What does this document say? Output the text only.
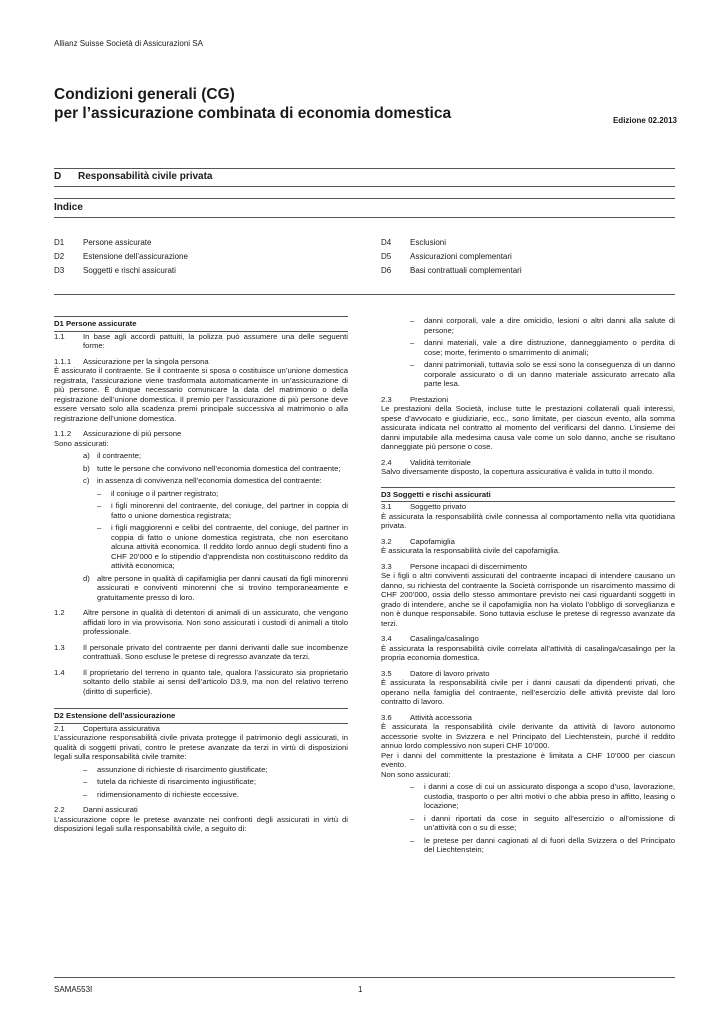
Allianz Suisse Società di Assicurazioni SA
Condizioni generali (CG)
per l’assicurazione combinata di economia domestica	Edizione 02.2013
D Responsabilità civile privata
Indice
D1	Persone assicurate
D2	Estensione dell’assicurazione
D3	Soggetti e rischi assicurati
D4	Esclusioni
D5	Assicurazioni complementari
D6	Basi contrattuali complementari

D1 Persone assicurate

1.1	In base agli accordi pattuiti, la polizza può assumere una delle seguenti forme:
1.1.1	Assicurazione per la singola persona

È assicurato il contraente. Se il contraente si sposa o costituisce un’unione domestica registrata, l’assicurazione viene trasformata automaticamente in un’assicurazione di più persone. È dunque necessario comunicare la data del matrimonio o della registrazione dell’unione domestica. Il premio per l’assicurazione di più persone deve essere versato solo alla scadenza premi principale successiva al matrimonio o alla registrazione dell’unione domestica.

1.1.2	Assicurazione di più persone

Sono assicurati:

a) il contraente;
b) tutte le persone che convivono nell’economia domestica del contraente;
c) in assenza di convivenza nell’economia domestica del contraente:
–	il coniuge o il partner registrato;
–	i figli minorenni del contraente, del coniuge, del partner in coppia di fatto o unione domestica registrata;
–	i figli maggiorenni e celibi del contraente, del coniuge, del partner in coppia di fatto o unione domestica registrata, che non esercitano alcuna attività economica. Il reddito lordo annuo degli studenti fino a CHF 20’000 e lo stipendio d’apprendista non costituiscono reddito da attività economica;
d) altre persone in qualità di capifamiglia per danni causati da figli minorenni assicurati e conviventi minorenni che si trovino temporaneamente e gratuitamente presso di loro.
1.2	Altre persone in qualità di detentori di animali di un assicurato, che vengono affidati loro in via provvisoria. Non sono assicurati i custodi di animali a titolo professionale.
1.3	Il personale privato del contraente per danni derivanti dalle sue incombenze contrattuali. Sono escluse le pretese di regresso avanzate da terzi.
1.4	Il proprietario del terreno in quanto tale, qualora l’assicurato sia proprietario soltanto dello stabile ai sensi dell’articolo D3.9, ma non del relativo terreno (diritto di superficie).

D2 Estensione dell’assicurazione

2.1	Copertura assicurativa

L’assicurazione responsabilità civile privata protegge il patrimonio degli assicurati, in qualità di soggetti privati, contro le pretese avanzate da terzi in virtù di disposizioni legali sulla responsabilità civile tramite:

–	assunzione di richieste di risarcimento giustificate;
–	tutela da richieste di risarcimento ingiustificate;
–	ridimensionamento di richieste eccessive.
2.2	Danni assicurati

L’assicurazione copre le pretese avanzate nei confronti degli assicurati in virtù di disposizioni legali sulla responsabilità civile, a seguito di:

–	danni corporali, vale a dire omicidio, lesioni o altri danni alla salute di persone;
–	danni materiali, vale a dire distruzione, danneggiamento o perdita di cose; morte, ferimento o smarrimento di animali;
–	danni patrimoniali, tuttavia solo se essi sono la conseguenza di un danno corporale assicurato o di un danno materiale assicurato arrecato alla parte lesa.
2.3	Prestazioni

Le prestazioni della Società, incluse tutte le prestazioni collaterali quali interessi, spese d’avvocato e giudiziarie, ecc., sono limitate, per ciascun evento, alla somma assicurata indicata nel contratto al momento del verificarsi del danno. L’insieme dei danni imputabile alla medesima causa vale come un solo danno, anche se risultano danneggiate più persone o cose.

2.4	Validità territoriale

Salvo diversamente disposto, la copertura assicurativa è valida in tutto il mondo.

D3 Soggetti e rischi assicurati

3.1	Soggetto privato

È assicurata la responsabilità civile connessa al comportamento nella vita quotidiana privata.

3.2	Capofamiglia

È assicurata la responsabilità civile del capofamiglia.

3.3	Persone incapaci di discernimento

Se i figli o altri conviventi assicurati del contraente incapaci di intendere causano un danno, su richiesta del contraente la Società corrisponde un risarcimento massimo di CHF 200’000, ossia dello stesso ammontare previsto nei casi riguardanti soggetti in grado di intendere, anche se il capofamiglia non ha violato l’obbligo di sorveglianza e non è dunque responsabile. Sono tuttavia escluse le pretese di regresso avanzate da terzi.

3.4	Casalinga/casalingo

È assicurata la responsabilità civile correlata all’attività di casalinga/casalingo per la propria economia domestica.

3.5	Datore di lavoro privato

È assicurata la responsabilità civile per i danni causati da dipendenti privati, che operano nella famiglia del contraente, nell’esercizio delle attività previste dal loro contratto di lavoro.

3.6	Attività accessoria

È assicurata la responsabilità civile derivante da attività di lavoro autonomo accessorie svolte in Svizzera e nel Principato del Liechtenstein, purché il reddito annuo lordo complessivo non superi CHF 10’000.

Per i danni del committente la prestazione è limitata a CHF 10’000 per ciascun evento.

Non sono assicurati:

–	i danni a cose di cui un assicurato disponga a scopo d’uso, lavorazione, custodia, trasporto o per altri motivi o che abbia preso in affitto, leasing o locazione;
–	i danni riportati da cose in seguito all’esercizio o all’omissione di un’attività con o su di esse;
–	le pretese per danni cagionati al di fuori della Svizzera o del Principato del Liechtenstein;
SAMA553I	1
